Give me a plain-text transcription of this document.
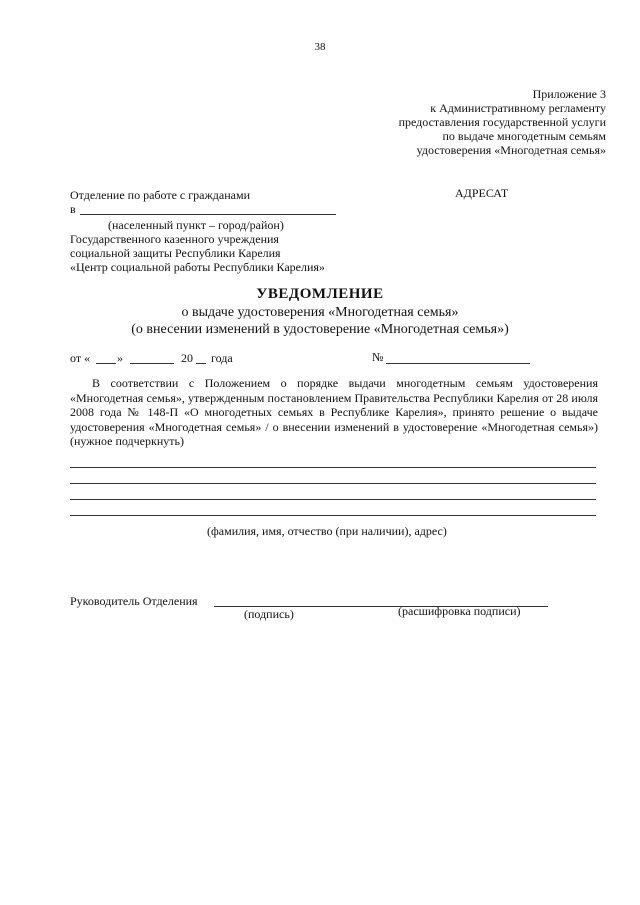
38
Приложение 3
к Административному регламенту
предоставления государственной услуги
по выдаче многодетным семьям
удостоверения «Многодетная семья»
Отделение по работе с гражданами
в
(населенный пункт – город/район)
Государственного казенного учреждения
социальной защиты Республики Карелия
«Центр социальной работы Республики Карелия»
АДРЕСАТ
УВЕДОМЛЕНИЕ
о выдаче удостоверения «Многодетная семья»
(о внесении изменений в удостоверение «Многодетная семья»)
от « »	20 года	№
В соответствии с Положением о порядке выдачи многодетным семьям удостоверения «Многодетная семья», утвержденным постановлением Правительства Республики Карелия от 28 июля 2008 года № 148-П «О многодетных семьях в Республике Карелия», принято решение о выдаче удостоверения «Многодетная семья» / о внесении изменений в удостоверение «Многодетная семья») (нужное подчеркнуть)
(фамилия, имя, отчество (при наличии), адрес)
Руководитель Отделения
(подпись)	(расшифровка подписи)
